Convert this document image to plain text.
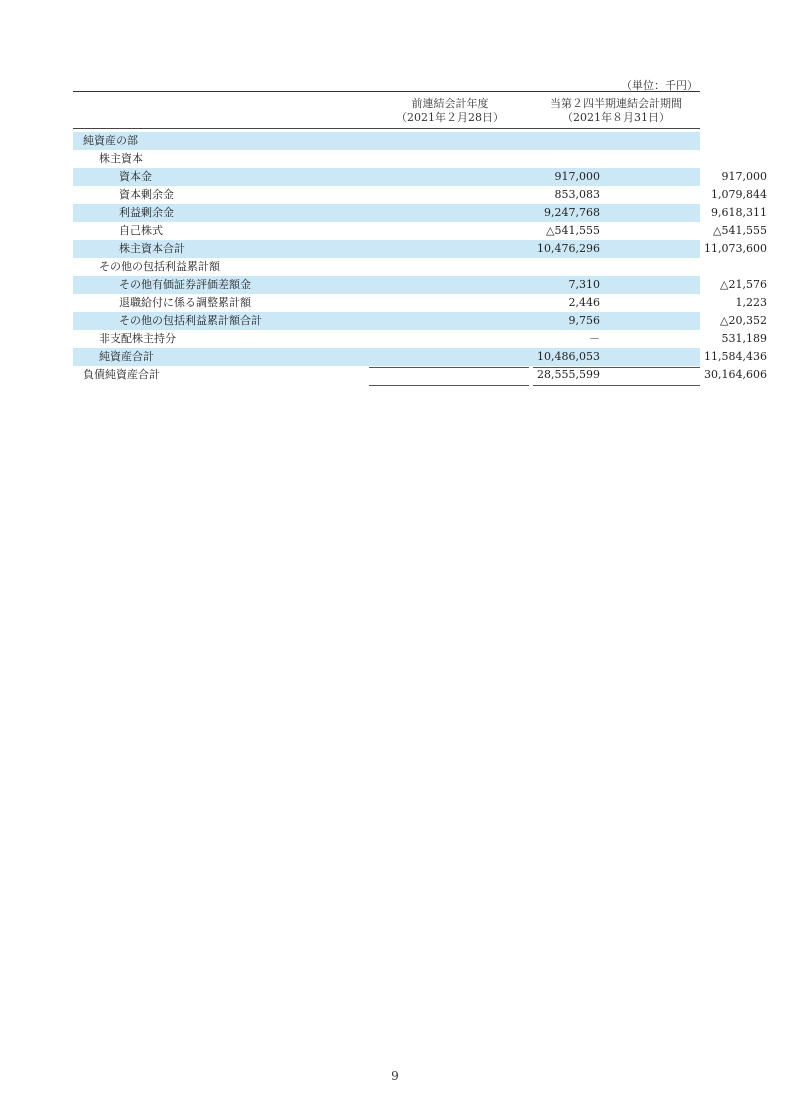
（単位：千円）
前連結会計年度
（2021年２月28日）
当第２四半期連結会計期間
（2021年８月31日）
純資産の部
株主資本
資本金	917,000	917,000
資本剰余金	853,083	1,079,844
利益剰余金	9,247,768	9,618,311
自己株式	△541,555	△541,555
株主資本合計	10,476,296	11,073,600
その他の包括利益累計額
その他有価証券評価差額金	7,310	△21,576
退職給付に係る調整累計額	2,446	1,223
その他の包括利益累計額合計	9,756	△20,352
非支配株主持分	－	531,189
純資産合計	10,486,053	11,584,436
負債純資産合計	28,555,599	30,164,606
9
